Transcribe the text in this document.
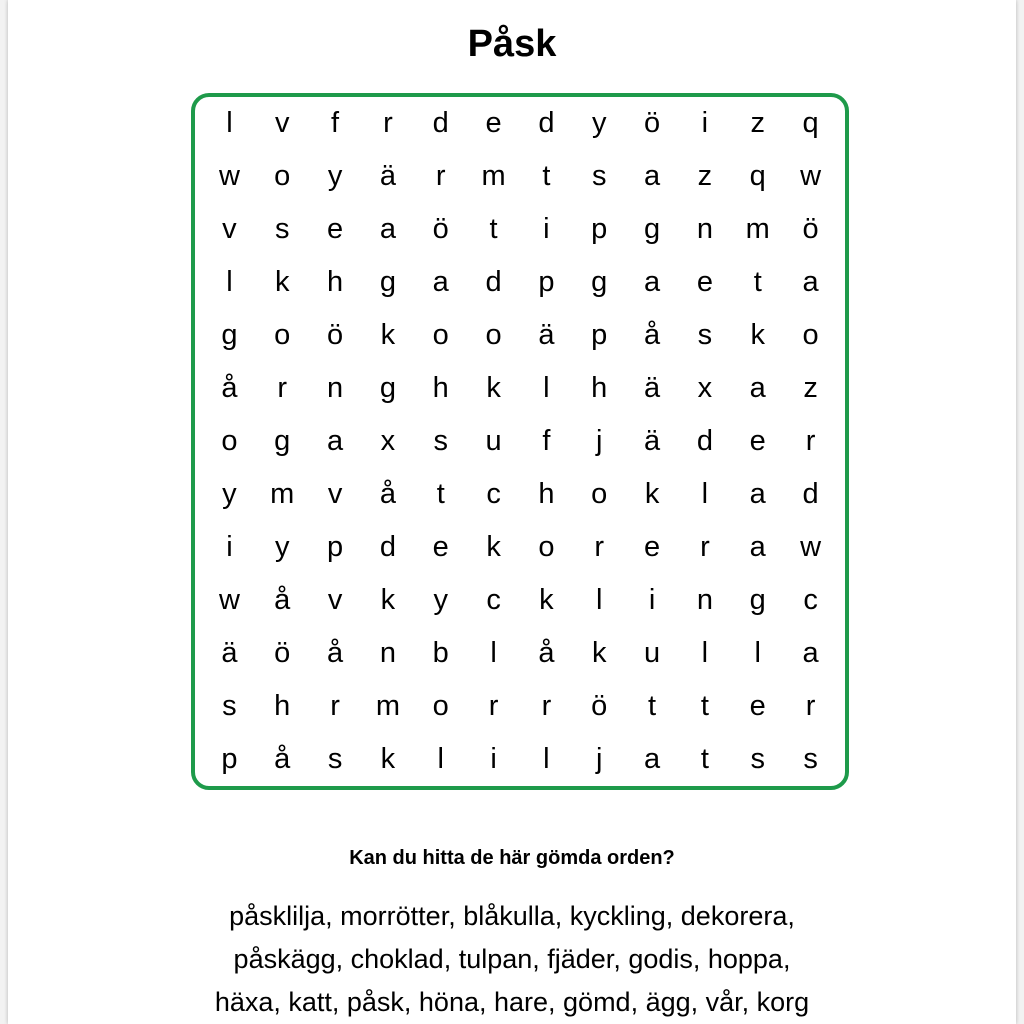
Påsk
l	v	f	r	d	e	d	y	ö	i	z	q
w	o	y	ä	r	m	t	s	a	z	q	w
v	s	e	a	ö	t	i	p	g	n	m	ö
l	k	h	g	a	d	p	g	a	e	t	a
g	o	ö	k	o	o	ä	p	å	s	k	o
å	r	n	g	h	k	l	h	ä	x	a	z
o	g	a	x	s	u	f	j	ä	d	e	r
y	m	v	å	t	c	h	o	k	l	a	d
i	y	p	d	e	k	o	r	e	r	a	w
w	å	v	k	y	c	k	l	i	n	g	c
ä	ö	å	n	b	l	å	k	u	l	l	a
s	h	r	m	o	r	r	ö	t	t	e	r
p	å	s	k	l	i	l	j	a	t	s	s
Kan du hitta de här gömda orden?
påsklilja, morrötter, blåkulla, kyckling, dekorera,
påskägg, choklad, tulpan, fjäder, godis, hoppa,
häxa, katt, påsk, höna, hare, gömd, ägg, vår, korg
